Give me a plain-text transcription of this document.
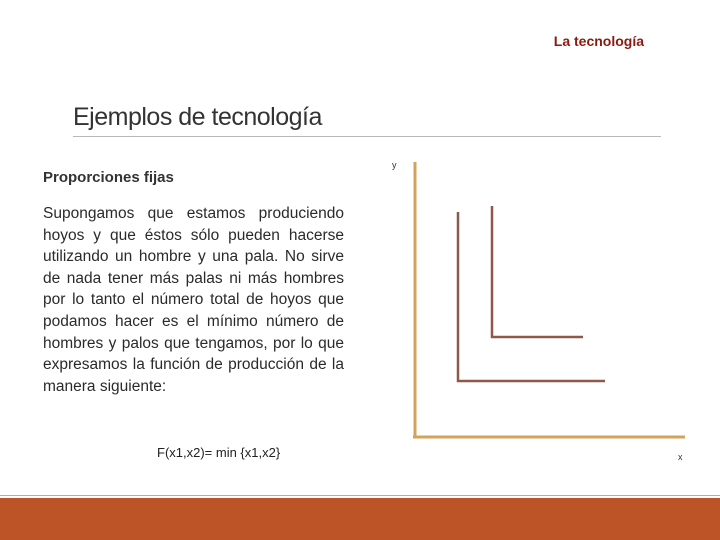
La tecnología
Ejemplos de tecnología
Proporciones fijas
Supongamos que estamos produciendo hoyos y que éstos sólo pueden hacerse utilizando un hombre y una pala. No sirve de nada tener más palas ni más hombres por lo tanto el número total de hoyos que podamos hacer es el mínimo número de hombres y palos que tengamos, por lo que expresamos la función de producción de la manera siguiente:
F(x1,x2)= min {x1,x2}
y
x
